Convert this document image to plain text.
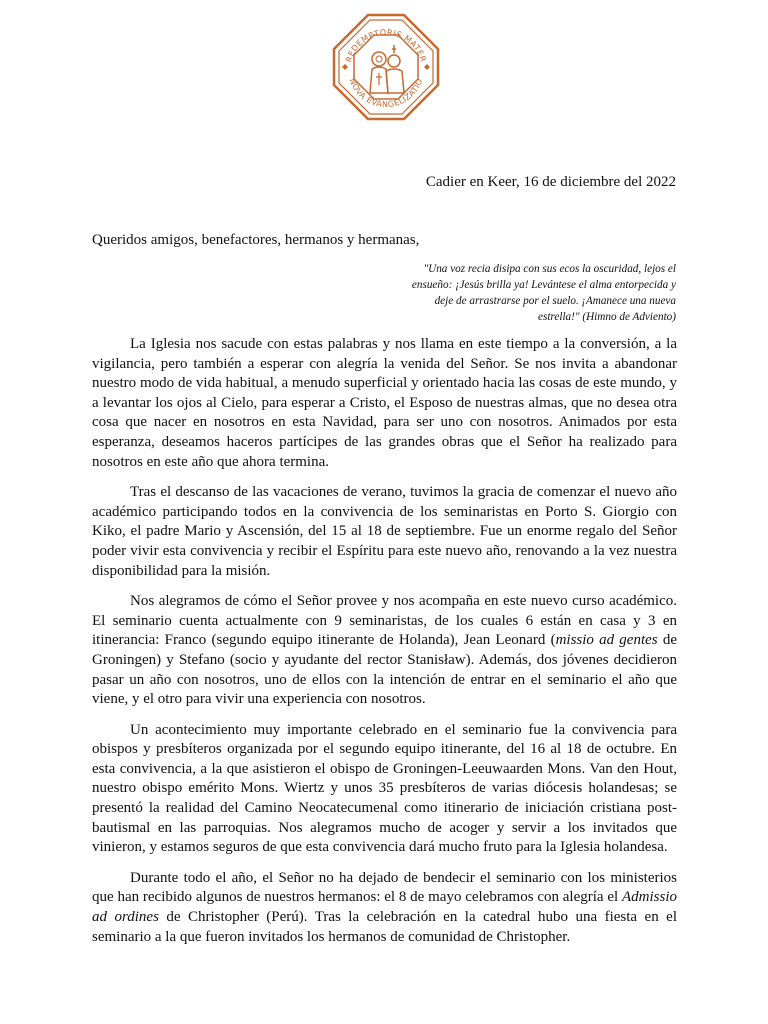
REDEMPTORIS MATER
NOVA EVANGELIZATIO
Cadier en Keer, 16 de diciembre del 2022
Queridos amigos, benefactores, hermanos y hermanas,
"Una voz recia disipa con sus ecos la oscuridad, lejos el ensueño: ¡Jesús brilla ya! Levántese el alma entorpecida y deje de arrastrarse por el suelo. ¡Amanece una nueva estrella!" (Himno de Adviento)

La Iglesia nos sacude con estas palabras y nos llama en este tiempo a la conversión, a la vigilancia, pero también a esperar con alegría la venida del Señor. Se nos invita a abandonar nuestro modo de vida habitual, a menudo superficial y orientado hacia las cosas de este mundo, y a levantar los ojos al Cielo, para esperar a Cristo, el Esposo de nuestras almas, que no desea otra cosa que nacer en nosotros en esta Navidad, para ser uno con nosotros. Animados por esta esperanza, deseamos haceros partícipes de las grandes obras que el Señor ha realizado para nosotros en este año que ahora termina.

Tras el descanso de las vacaciones de verano, tuvimos la gracia de comenzar el nuevo año académico participando todos en la convivencia de los seminaristas en Porto S. Giorgio con Kiko, el padre Mario y Ascensión, del 15 al 18 de septiembre. Fue un enorme regalo del Señor poder vivir esta convivencia y recibir el Espíritu para este nuevo año, renovando a la vez nuestra disponibilidad para la misión.

Nos alegramos de cómo el Señor provee y nos acompaña en este nuevo curso académico. El seminario cuenta actualmente con 9 seminaristas, de los cuales 6 están en casa y 3 en itinerancia: Franco (segundo equipo itinerante de Holanda), Jean Leonard (missio ad gentes de Groningen) y Stefano (socio y ayudante del rector Stanisław). Además, dos jóvenes decidieron pasar un año con nosotros, uno de ellos con la intención de entrar en el seminario el año que viene, y el otro para vivir una experiencia con nosotros.

Un acontecimiento muy importante celebrado en el seminario fue la convivencia para obispos y presbíteros organizada por el segundo equipo itinerante, del 16 al 18 de octubre. En esta convivencia, a la que asistieron el obispo de Groningen-Leeuwaarden Mons. Van den Hout, nuestro obispo emérito Mons. Wiertz y unos 35 presbíteros de varias diócesis holandesas; se presentó la realidad del Camino Neocatecumenal como itinerario de iniciación cristiana post-bautismal en las parroquias. Nos alegramos mucho de acoger y servir a los invitados que vinieron, y estamos seguros de que esta convivencia dará mucho fruto para la Iglesia holandesa.

Durante todo el año, el Señor no ha dejado de bendecir el seminario con los ministerios que han recibido algunos de nuestros hermanos: el 8 de mayo celebramos con alegría el Admissio ad ordines de Christopher (Perú). Tras la celebración en la catedral hubo una fiesta en el seminario a la que fueron invitados los hermanos de comunidad de Christopher.
